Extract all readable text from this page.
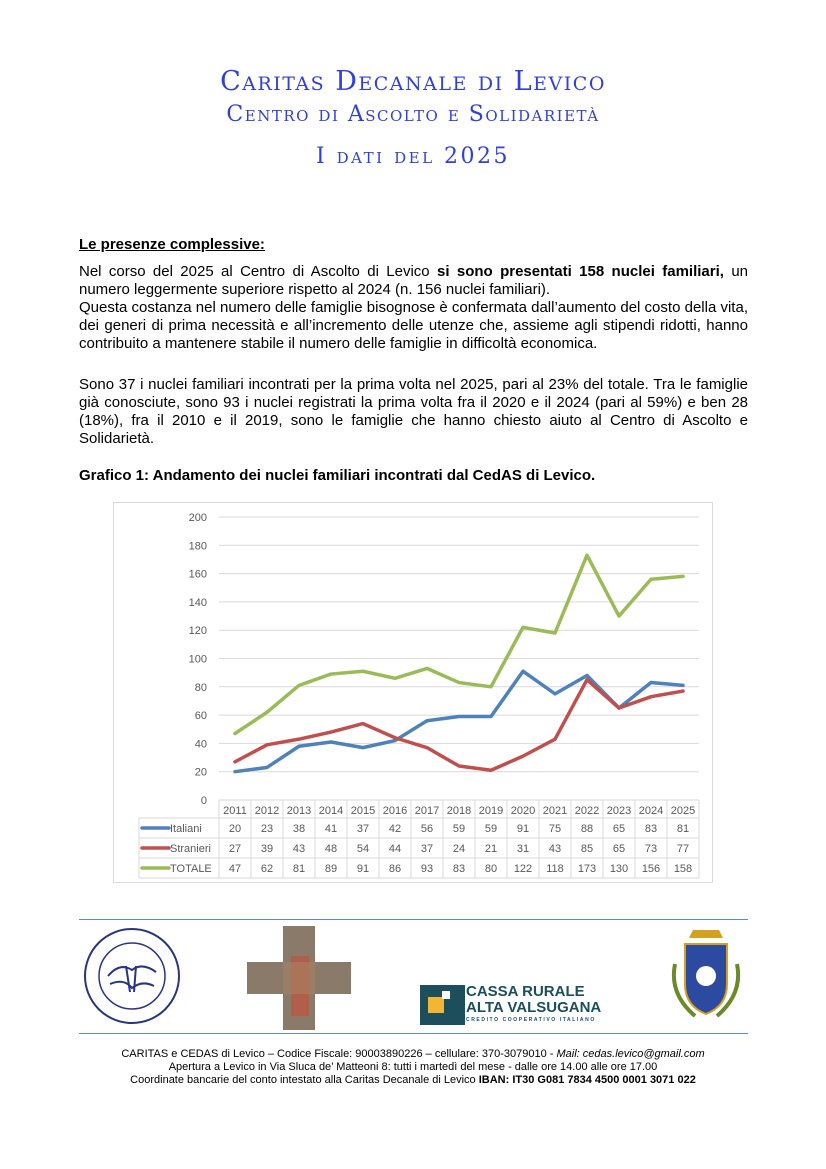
Caritas Decanale di Levico
Centro di Ascolto e Solidarietà
I dati del 2025
Le presenze complessive:
Nel corso del 2025 al Centro di Ascolto di Levico si sono presentati 158 nuclei familiari, un numero leggermente superiore rispetto al 2024 (n. 156 nuclei familiari).
Questa costanza nel numero delle famiglie bisognose è confermata dall’aumento del costo della vita, dei generi di prima necessità e all’incremento delle utenze che, assieme agli stipendi ridotti, hanno contribuito a mantenere stabile il numero delle famiglie in difficoltà economica.
Sono 37 i nuclei familiari incontrati per la prima volta nel 2025, pari al 23% del totale. Tra le famiglie già conosciute, sono 93 i nuclei registrati la prima volta fra il 2020 e il 2024 (pari al 59%) e ben 28 (18%), fra il 2010 e il 2019, sono le famiglie che hanno chiesto aiuto al Centro di Ascolto e Solidarietà.
Grafico 1: Andamento dei nuclei familiari incontrati dal CedAS di Levico.
0
20
40
60
80
100
120
140
160
180
200
2011 2012 2013 2014 2015 2016 2017 2018 2019 2020 2021 2022 2023 2024 2025
Italiani 20 23 38 41 37 42 56 59 59 91 75 88 65 83 81
Stranieri 27 39 43 48 54 44 37 24 21 31 43 85 65 73 77
TOTALE 47 62 81 89 91 86 93 83 80 122 118 173 130 156 158
CASSA RURALE
ALTA VALSUGANA
CREDITO COOPERATIVO ITALIANO
CARITAS e CEDAS di Levico – Codice Fiscale: 90003890226 – cellulare: 370-3079010 - Mail: cedas.levico@gmail.com
Apertura a Levico in Via Sluca de’ Matteoni 8: tutti i martedì del mese - dalle ore 14.00 alle ore 17.00
Coordinate bancarie del conto intestato alla Caritas Decanale di Levico IBAN: IT30 G081 7834 4500 0001 3071 022
